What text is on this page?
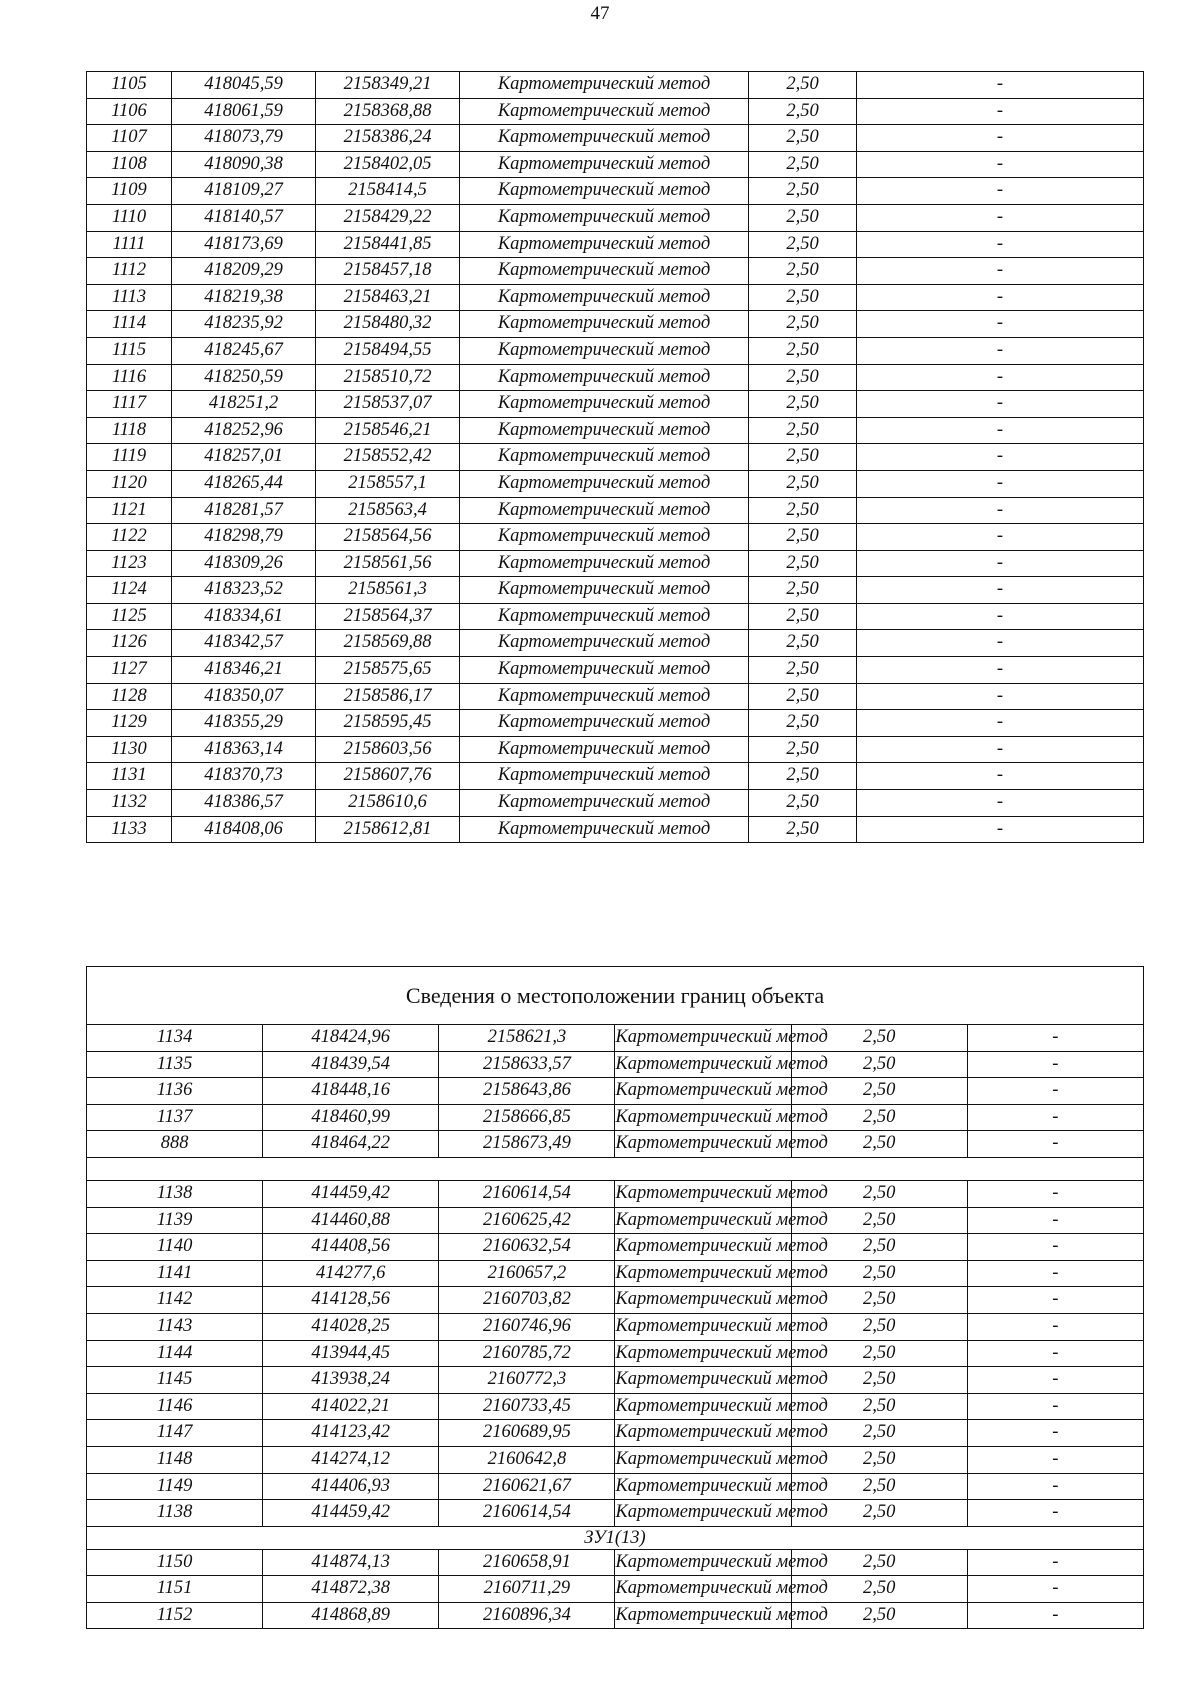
47
1105	418045,59	2158349,21	Картометрический метод	2,50	-
1106	418061,59	2158368,88	Картометрический метод	2,50	-
1107	418073,79	2158386,24	Картометрический метод	2,50	-
1108	418090,38	2158402,05	Картометрический метод	2,50	-
1109	418109,27	2158414,5	Картометрический метод	2,50	-
1110	418140,57	2158429,22	Картометрический метод	2,50	-
1111	418173,69	2158441,85	Картометрический метод	2,50	-
1112	418209,29	2158457,18	Картометрический метод	2,50	-
1113	418219,38	2158463,21	Картометрический метод	2,50	-
1114	418235,92	2158480,32	Картометрический метод	2,50	-
1115	418245,67	2158494,55	Картометрический метод	2,50	-
1116	418250,59	2158510,72	Картометрический метод	2,50	-
1117	418251,2	2158537,07	Картометрический метод	2,50	-
1118	418252,96	2158546,21	Картометрический метод	2,50	-
1119	418257,01	2158552,42	Картометрический метод	2,50	-
1120	418265,44	2158557,1	Картометрический метод	2,50	-
1121	418281,57	2158563,4	Картометрический метод	2,50	-
1122	418298,79	2158564,56	Картометрический метод	2,50	-
1123	418309,26	2158561,56	Картометрический метод	2,50	-
1124	418323,52	2158561,3	Картометрический метод	2,50	-
1125	418334,61	2158564,37	Картометрический метод	2,50	-
1126	418342,57	2158569,88	Картометрический метод	2,50	-
1127	418346,21	2158575,65	Картометрический метод	2,50	-
1128	418350,07	2158586,17	Картометрический метод	2,50	-
1129	418355,29	2158595,45	Картометрический метод	2,50	-
1130	418363,14	2158603,56	Картометрический метод	2,50	-
1131	418370,73	2158607,76	Картометрический метод	2,50	-
1132	418386,57	2158610,6	Картометрический метод	2,50	-
1133	418408,06	2158612,81	Картометрический метод	2,50	-
Сведения о местоположении границ объекта					
1134	418424,96	2158621,3	Картометрический метод	2,50	-
1135	418439,54	2158633,57	Картометрический метод	2,50	-
1136	418448,16	2158643,86	Картометрический метод	2,50	-
1137	418460,99	2158666,85	Картометрический метод	2,50	-
888	418464,22	2158673,49	Картометрический метод	2,50	-

1138	414459,42	2160614,54	Картометрический метод	2,50	-
1139	414460,88	2160625,42	Картометрический метод	2,50	-
1140	414408,56	2160632,54	Картометрический метод	2,50	-
1141	414277,6	2160657,2	Картометрический метод	2,50	-
1142	414128,56	2160703,82	Картометрический метод	2,50	-
1143	414028,25	2160746,96	Картометрический метод	2,50	-
1144	413944,45	2160785,72	Картометрический метод	2,50	-
1145	413938,24	2160772,3	Картометрический метод	2,50	-
1146	414022,21	2160733,45	Картометрический метод	2,50	-
1147	414123,42	2160689,95	Картометрический метод	2,50	-
1148	414274,12	2160642,8	Картометрический метод	2,50	-
1149	414406,93	2160621,67	Картометрический метод	2,50	-
1138	414459,42	2160614,54	Картометрический метод	2,50	-
ЗУ1(13)					
1150	414874,13	2160658,91	Картометрический метод	2,50	-
1151	414872,38	2160711,29	Картометрический метод	2,50	-
1152	414868,89	2160896,34	Картометрический метод	2,50	-
